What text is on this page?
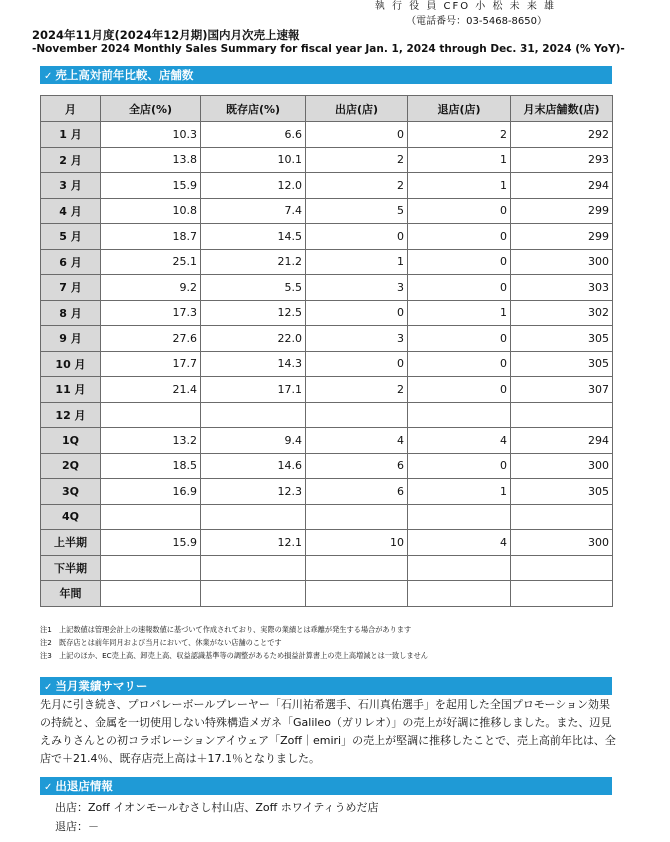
執 行 役 員 CFO 小 松 未 来 雄
（電話番号：03-5468-8650）
2024年11月度(2024年12月期)国内月次売上速報
-November 2024 Monthly Sales Summary for fiscal year Jan. 1, 2024 through Dec. 31, 2024 (% YoY)-
✓ 売上高対前年比較、店舗数
月	全店(%)	既存店(%)	出店(店)	退店(店)	月末店舗数(店)
1 月	10.3	6.6	0	2	292
2 月	13.8	10.1	2	1	293
3 月	15.9	12.0	2	1	294
4 月	10.8	7.4	5	0	299
5 月	18.7	14.5	0	0	299
6 月	25.1	21.2	1	0	300
7 月	9.2	5.5	3	0	303
8 月	17.3	12.5	0	1	302
9 月	27.6	22.0	3	0	305
10 月	17.7	14.3	0	0	305
11 月	21.4	17.1	2	0	307
12 月					
1Q	13.2	9.4	4	4	294
2Q	18.5	14.6	6	0	300
3Q	16.9	12.3	6	1	305
4Q					
上半期	15.9	12.1	10	4	300
下半期					
年間					
注1　上記数値は管理会計上の速報数値に基づいて作成されており、実際の業績とは乖離が発生する場合があります
注2　既存店とは前年同月および当月において、休業がない店舗のことです
注3　上記のほか、EC売上高、卸売上高、収益認識基準等の調整があるため損益計算書上の売上高増減とは一致しません
✓ 当月業績サマリー
先月に引き続き、プロバレーボールプレーヤー「石川祐希選手、石川真佑選手」を起用した全国プロモーション効果の持続と、金属を一切使用しない特殊構造メガネ「Galileo（ガリレオ）」の売上が好調に推移しました。また、辺見えみりさんとの初コラボレーションアイウェア「Zoff｜emiri」の売上が堅調に推移したことで、売上高前年比は、全店で＋21.4％、既存店売上高は＋17.1％となりました。
✓ 出退店情報
出店：Zoff イオンモールむさし村山店、Zoff ホワイティうめだ店
退店：－
